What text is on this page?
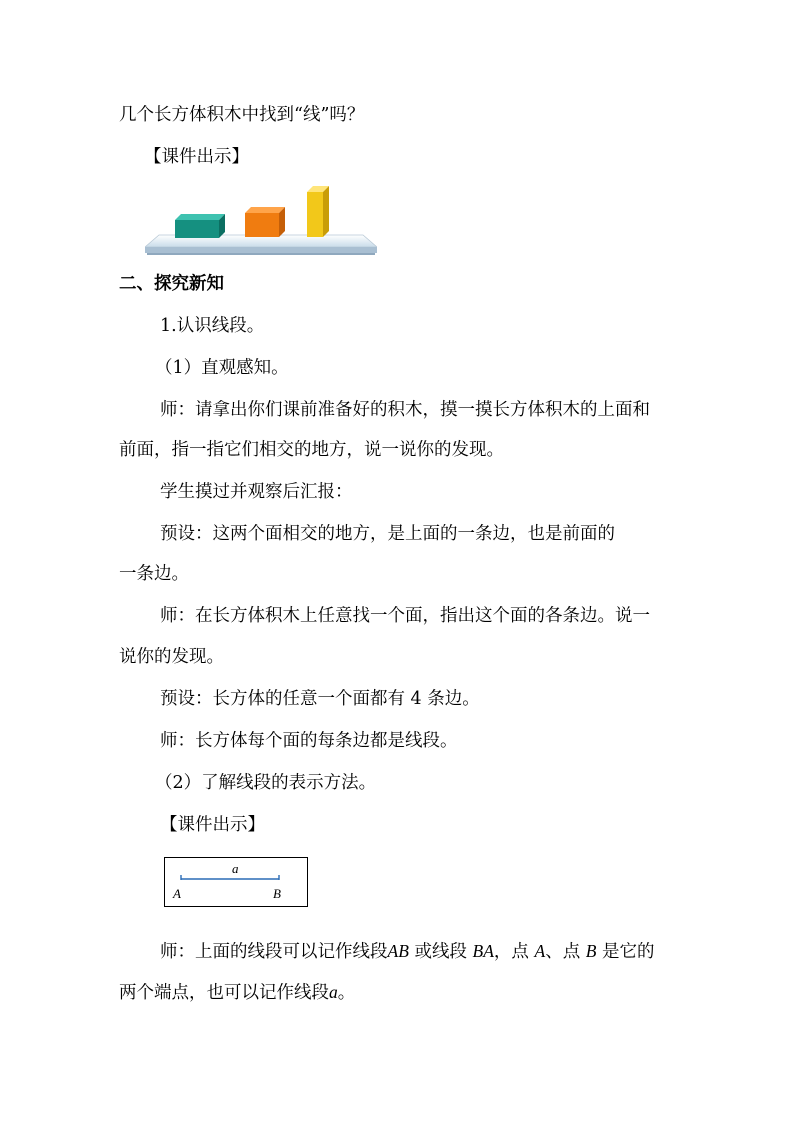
几个长方体积木中找到“线”吗？
【课件出示】
二、探究新知
1.认识线段。
（1）直观感知。
师：请拿出你们课前准备好的积木，摸一摸长方体积木的上面和
前面，指一指它们相交的地方，说一说你的发现。
学生摸过并观察后汇报：
预设：这两个面相交的地方，是上面的一条边，也是前面的
一条边。
师：在长方体积木上任意找一个面，指出这个面的各条边。说一
说你的发现。
预设：长方体的任意一个面都有 4 条边。
师：长方体每个面的每条边都是线段。
（2）了解线段的表示方法。
【课件出示】
a
A	B
师：上面的线段可以记作线段AB 或线段 BA，点 A、点 B 是它的
两个端点，也可以记作线段a。
